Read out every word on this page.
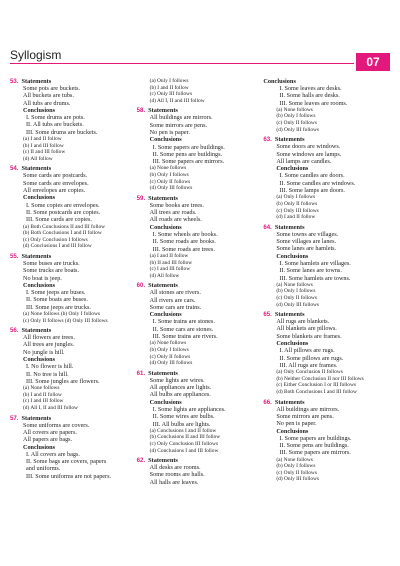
Syllogism	07
53. Statements
Some pots are buckets.
All buckets are tubs.
All tubs are drums.
Conclusions
I. Some drums are pots.
II. All tubs are buckets.
III. Some drums are buckets.
(a) I and II follow
(b) I and III follow
(c) II and III follow
(d) All follow
54. Statements
Some cards are postcards.
Some cards are envelopes.
All envelopes are copies.
Conclusions
I. Some copies are envelopes.
II. Some postcards are copies.
III. Some cards are copies.
(a) Both Conclusions II and III follow
(b) Both Conclusions I and II follow
(c) Only Conclusion I follows
(d) Conclusions I and III follow
55. Statements
Some buses are trucks.
Some trucks are boats.
No boat is jeep.
Conclusions
I. Some jeeps are buses.
II. Some boats are buses.
III. Some jeeps are trucks.
(a) None follows (b) Only I follows
(c) Only II follows (d) Only III follows
56. Statements
All flowers are trees.
All trees are jungles.
No jungle is hill.
Conclusions
I. No flower is hill.
II. No tree is hill.
III. Some jungles are flowers.
(a) None follows
(b) I and II follow
(c) I and III follow
(d) All I, II and III follow
57. Statements
Some uniforms are covers.
All covers are papers.
All papers are bags.
Conclusions
I. All covers are bags.
II. Some bags are covers, papers
and uniforms.
III. Some uniforms are not papers.
(a) Only I follows
(b) I and II follow
(c) Only III follows
(d) All I, II and III follow
58. Statements
All buildings are mirrors.
Some mirrors are pens.
No pen is paper.
Conclusions
I. Some papers are buildings.
II. Some pens are buildings.
III. Some papers are mirrors.
(a) None follows
(b) Only I follows
(c) Only II follows
(d) Only III follows
59. Statements
Some books are trees.
All trees are roads.
All roads are wheels.
Conclusions
I. Some wheels are books.
II. Some roads are books.
III. Some roads are trees.
(a) I and II follow
(b) II and III follow
(c) I and III follow
(d) All follow
60. Statements
All stones are rivers.
All rivers are cars.
Some cars are trains.
Conclusions
I. Some trains are stones.
II. Some cars are stones.
III. Some trains are rivers.
(a) None follows
(b) Only I follows
(c) Only II follows
(d) Only III follows
61. Statements
Some lights are wires.
All appliances are lights.
All bulbs are appliances.
Conclusions
I. Some lights are appliances.
II. Some wires are bulbs.
III. All bulbs are lights.
(a) Conclusions I and II follow
(b) Conclusions II and III follow
(c) Only Conclusion III follows
(d) Conclusions I and III follow
62. Statements
All desks are rooms.
Some rooms are halls.
All halls are leaves.
Conclusions
I. Some leaves are desks.
II. Some halls are desks.
III. Some leaves are rooms.
(a) None follows
(b) Only I follows
(c) Only II follows
(d) Only III follows
63. Statements
Some doors are windows.
Some windows are lamps.
All lamps are candles.
Conclusions
I. Some candles are doors.
II. Some candles are windows.
III. Some lamps are doors.
(a) Only I follows
(b) Only II follows
(c) Only III follows
(d) I and II follow
64. Statements
Some towns are villages.
Some villages are lanes.
Some lanes are hamlets.
Conclusions
I. Some hamlets are villages.
II. Some lanes are towns.
III. Some hamlets are towns.
(a) None follows
(b) Only I follows
(c) Only II follows
(d) Only III follows
65. Statements
All rugs are blankets.
All blankets are pillows.
Some blankets are frames.
Conclusions
I. All pillows are rugs.
II. Some pillows are rugs.
III. All rugs are frames.
(a) Only Conclusion II follows
(b) Neither Conclusion II nor III follows
(c) Either Conclusion I or III follows
(d) Both Conclusions I and III follow
66. Statements
All buildings are mirrors.
Some mirrors are pens.
No pen is paper.
Conclusions
I. Some papers are buildings.
II. Some pens are buildings.
III. Some papers are mirrors.
(a) None follows
(b) Only I follows
(c) Only II follows
(d) Only III follows
